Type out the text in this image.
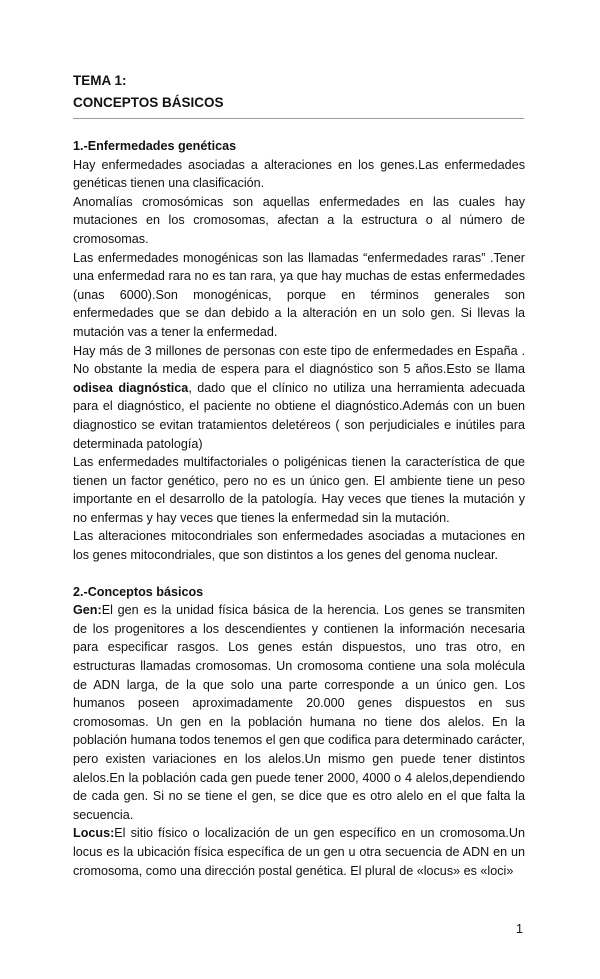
TEMA 1:
CONCEPTOS BÁSICOS
1.-Enfermedades genéticas

Hay enfermedades asociadas a alteraciones en los genes.Las enfermedades genéticas tienen una clasificación.

Anomalías cromosómicas son aquellas enfermedades en las cuales hay mutaciones en los cromosomas, afectan a la estructura o al número de cromosomas.

Las enfermedades monogénicas son las llamadas “enfermedades raras” .Tener una enfermedad rara no es tan rara, ya que hay muchas de estas enfermedades (unas 6000).Son monogénicas, porque en términos generales son enfermedades que se dan debido a la alteración en un solo gen. Si llevas la mutación vas a tener la enfermedad.

Hay más de 3 millones de personas con este tipo de enfermedades en España . No obstante la media de espera para el diagnóstico son 5 años.Esto se llama odisea diagnóstica, dado que el clínico no utiliza una herramienta adecuada para el diagnóstico, el paciente no obtiene el diagnóstico.Además con un buen diagnostico se evitan tratamientos deletéreos ( son perjudiciales e inútiles para determinada patología)

Las enfermedades multifactoriales o poligénicas tienen la característica de que tienen un factor genético, pero no es un único gen. El ambiente tiene un peso importante en el desarrollo de la patología. Hay veces que tienes la mutación y no enfermas y hay veces que tienes la enfermedad sin la mutación.

Las alteraciones mitocondriales son enfermedades asociadas a mutaciones en los genes mitocondriales, que son distintos a los genes del genoma nuclear.

2.-Conceptos básicos

Gen:El gen es la unidad física básica de la herencia. Los genes se transmiten de los progenitores a los descendientes y contienen la información necesaria para especificar rasgos. Los genes están dispuestos, uno tras otro, en estructuras llamadas cromosomas. Un cromosoma contiene una sola molécula de ADN larga, de la que solo una parte corresponde a un único gen. Los humanos poseen aproximadamente 20.000 genes dispuestos en sus cromosomas. Un gen en la población humana no tiene dos alelos. En la población humana todos tenemos el gen que codifica para determinado carácter, pero existen variaciones en los alelos.Un mismo gen puede tener distintos alelos.En la población cada gen puede tener 2000, 4000 o 4 alelos,dependiendo de cada gen. Si no se tiene el gen, se dice que es otro alelo en el que falta la secuencia.

Locus:El sitio físico o localización de un gen específico en un cromosoma.Un locus es la ubicación física específica de un gen u otra secuencia de ADN en un cromosoma, como una dirección postal genética. El plural de «locus» es «loci»

1
